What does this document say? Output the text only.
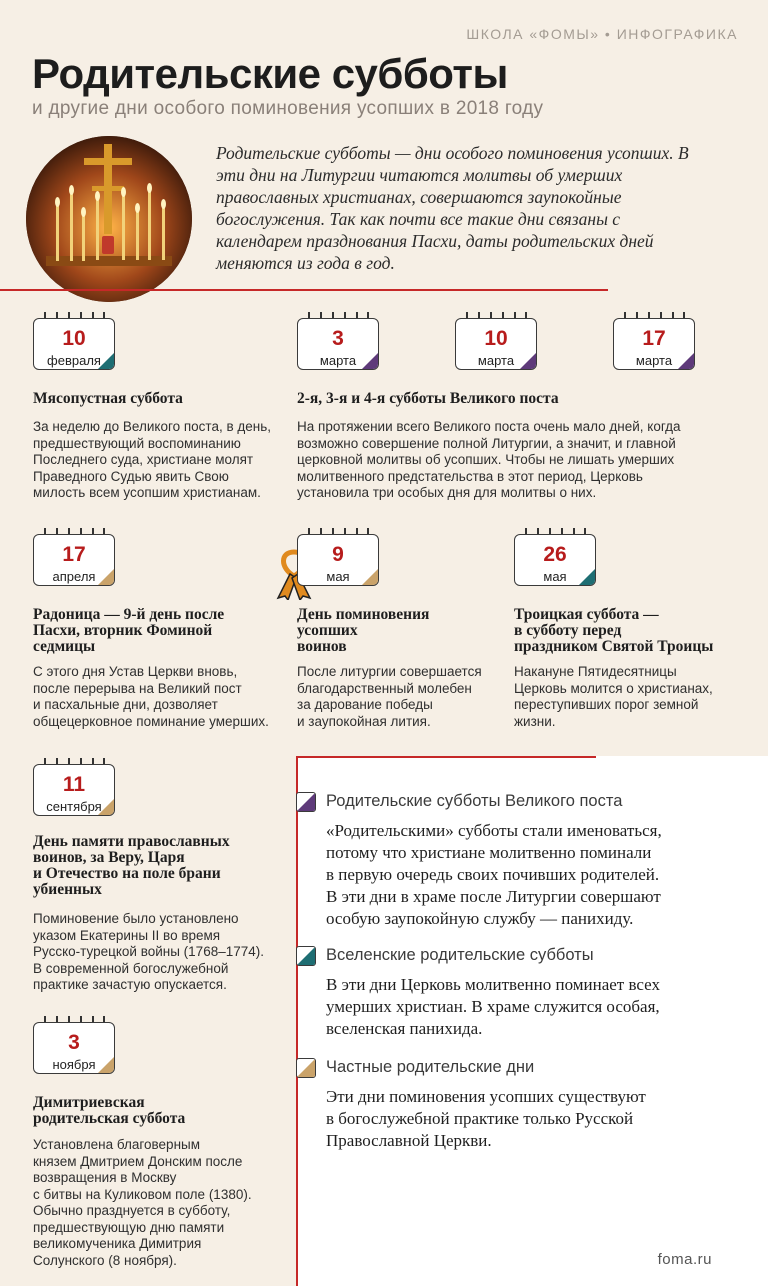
ШКОЛА «ФОМЫ» • ИНФОГРАФИКА
Родительские субботы
и другие дни особого поминовения усопших в 2018 году
Родительские субботы — дни особого поминовения усопших. В эти дни на Литургии читаются молитвы об умерших православных христианах, совершаются заупокойные богослужения. Так как почти все такие дни связаны с календарем празднования Пасхи, даты родительских дней меняются из года в год.
10
февраля
3
марта
10
марта
17
марта
Мясопустная суббота
За неделю до Великого поста, в день,
предшествующий воспоминанию
Последнего суда, христиане молят
Праведного Судью явить Свою
милость всем усопшим христианам.
2-я, 3-я и 4-я субботы Великого поста
На протяжении всего Великого поста очень мало дней, когда
возможно совершение полной Литургии, а значит, и главной
церковной молитвы об усопших. Чтобы не лишать умерших
молитвенного предстательства в этот период, Церковь
установила три особых дня для молитвы о них.
17
апреля
9
мая
26
мая
Радоница — 9-й день после
Пасхи, вторник Фоминой
седмицы
С этого дня Устав Церкви вновь,
после перерыва на Великий пост
и пасхальные дни, дозволяет
общецерковное поминание умерших.
День поминовения
усопших
воинов
После литургии совершается
благодарственный молебен
за дарование победы
и заупокойная лития.
Троицкая суббота —
в субботу перед
праздником Святой Троицы
Накануне Пятидесятницы
Церковь молится о христианах,
переступивших порог земной
жизни.
11
сентября
День памяти православных
воинов, за Веру, Царя
и Отечество на поле брани
убиенных
Поминовение было установлено
указом Екатерины II во время
Русско-турецкой войны (1768–1774).
В современной богослужебной
практике зачастую опускается.
3
ноября
Димитриевская
родительская суббота
Установлена благоверным
князем Дмитрием Донским после
возвращения в Москву
с битвы на Куликовом поле (1380).
Обычно празднуется в субботу,
предшествующую дню памяти
великомученика Димитрия
Солунского (8 ноября).
Родительские субботы Великого поста
«Родительскими» субботы стали именоваться,
потому что христиане молитвенно поминали
в первую очередь своих почивших родителей.
В эти дни в храме после Литургии совершают
особую заупокойную службу — панихиду.
Вселенские родительские субботы
В эти дни Церковь молитвенно поминает всех
умерших христиан. В храме служится особая,
вселенская панихида.
Частные родительские дни
Эти дни поминовения усопших существуют
в богослужебной практике только Русской
Православной Церкви.
foma.ru
